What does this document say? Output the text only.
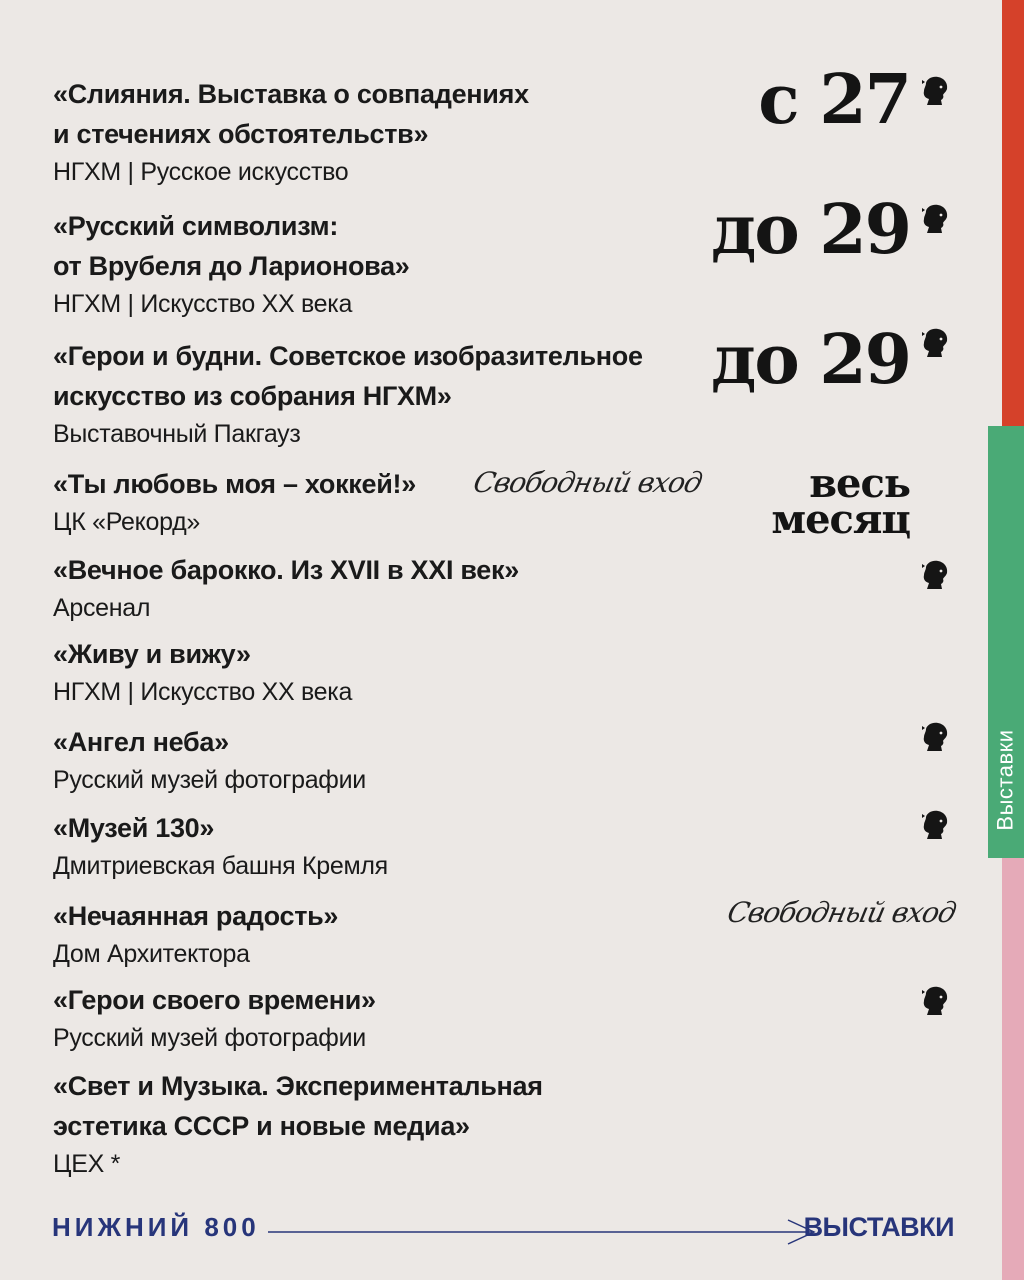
Выставки
«Слияния. Выставка о совпадениях
и стечениях обстоятельств»
НГХМ | Русское искусство
с 27
«Русский символизм:
от Врубеля до Ларионова»
НГХМ | Искусство ХХ века
до 29
«Герои и будни. Советское изобразительное
искусство из собрания НГХМ»
Выставочный Пакгауз
до 29
«Ты любовь моя – хоккей!»
ЦК «Рекорд»
Свободный вход	весь
месяц
«Вечное барокко. Из XVII в XXI век»
Арсенал
«Живу и вижу»
НГХМ | Искусство ХХ века
«Ангел неба»
Русский музей фотографии
«Музей 130»
Дмитриевская башня Кремля
«Нечаянная радость»
Дом Архитектора
Свободный вход
«Герои своего времени»
Русский музей фотографии
«Свет и Музыка. Экспериментальная
эстетика СССР и новые медиа»
ЦЕХ *
НИЖНИЙ 800	ВЫСТАВКИ
